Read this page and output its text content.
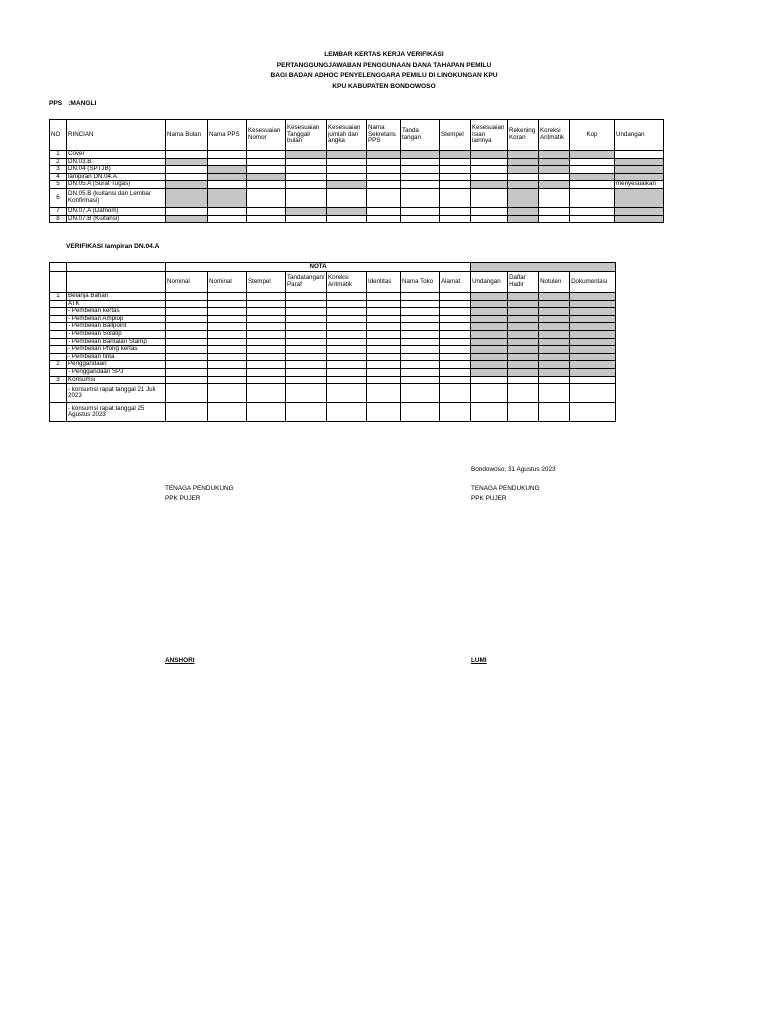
LEMBAR KERTAS KERJA VERIFIKASI
PERTANGGUNGJAWABAN PENGGUNAAN DANA TAHAPAN PEMILU
BAGI BADAN ADHOC PENYELENGGARA PEMILU DI LINGKUNGAN KPU
KPU KABUPATEN BONDOWOSO
PPS :MANGLI
NO	RINCIAN	Nama Bulan	Nama PPS	Kesesuaian Nomor	Kesesuaian Tanggal/ bulan	Kesesuaian jumlah dan angka	Nama Sekretaris PPS	Tanda tangan	Stempel	Kesesuaian Isian lainnya	Rekening Koran	Koreksi Aritmatik	Kop	Undangan
1	Cover													
2	DN.03.B													
3	DN.04 (SPTJB)													
4	lampiran DN.04.A													
5	DN.05.A (Surat Tugas)													menyesuaikan
6	DN.05.B (kuitansi dan Lembar Konfirmasi)													
7	DN.07.A (Dafnom)													
8	DN.07.B (Kuitansi)													
VERIFIKASI lampiran DN.04.A
		NOTA											
		Nominal	Nominal	Stempel	Tandatangan/ Paraf	Koreksi Aritmatik	Identitas	Nama Toko	Alamat	Undangan	Daftar Hadir	Notulen	Dokumentasi
1	Belanja Bahan												
	ATK												
	- Pembelian kertas												
	- Pembelian Amplop												
	- Pembelian Ballpoint												
	- Pembelian Solatip												
	- Pembelian Bantalan Stamp												
	- Pembelian Pfong kertas												
	- Pembelian tinta												
2	Penggandaan												
	- Penggandaan SPJ												
3	Konsumsi												
	- konsumsi rapat tanggal 21 Juli 2023												
	- konsumsi rapat tanggal 25 Agustus 2023												
Bondowoso, 31 Agustus 2023
TENAGA PENDUKUNG
PPK PUJER
ANSHORI
TENAGA PENDUKUNG
PPK PUJER
LUMI
